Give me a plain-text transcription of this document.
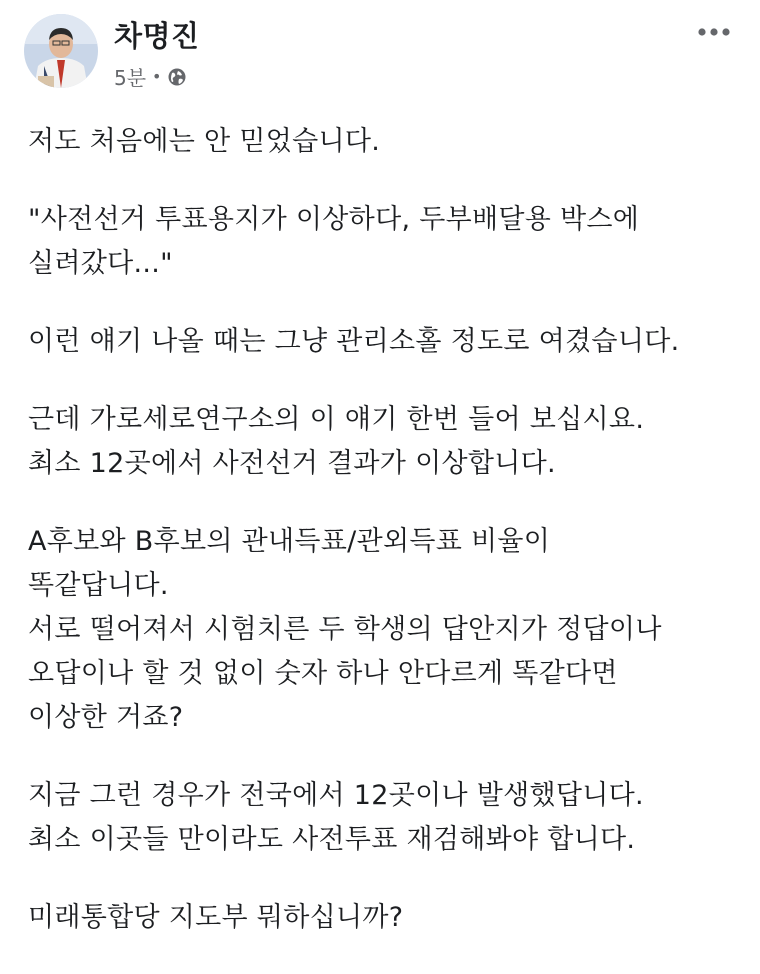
차명진
5분 •
저도 처음에는 안 믿었습니다.
"사전선거 투표용지가 이상하다, 두부배달용 박스에
실려갔다..."
이런 얘기 나올 때는 그냥 관리소홀 정도로 여겼습니다.
근데 가로세로연구소의 이 얘기 한번 들어 보십시요.
최소 12곳에서 사전선거 결과가 이상합니다.
A후보와 B후보의 관내득표/관외득표 비율이
똑같답니다.
서로 떨어져서 시험치른 두 학생의 답안지가 정답이나
오답이나 할 것 없이 숫자 하나 안다르게 똑같다면
이상한 거죠?
지금 그런 경우가 전국에서 12곳이나 발생했답니다.
최소 이곳들 만이라도 사전투표 재검해봐야 합니다.
미래통합당 지도부 뭐하십니까?
